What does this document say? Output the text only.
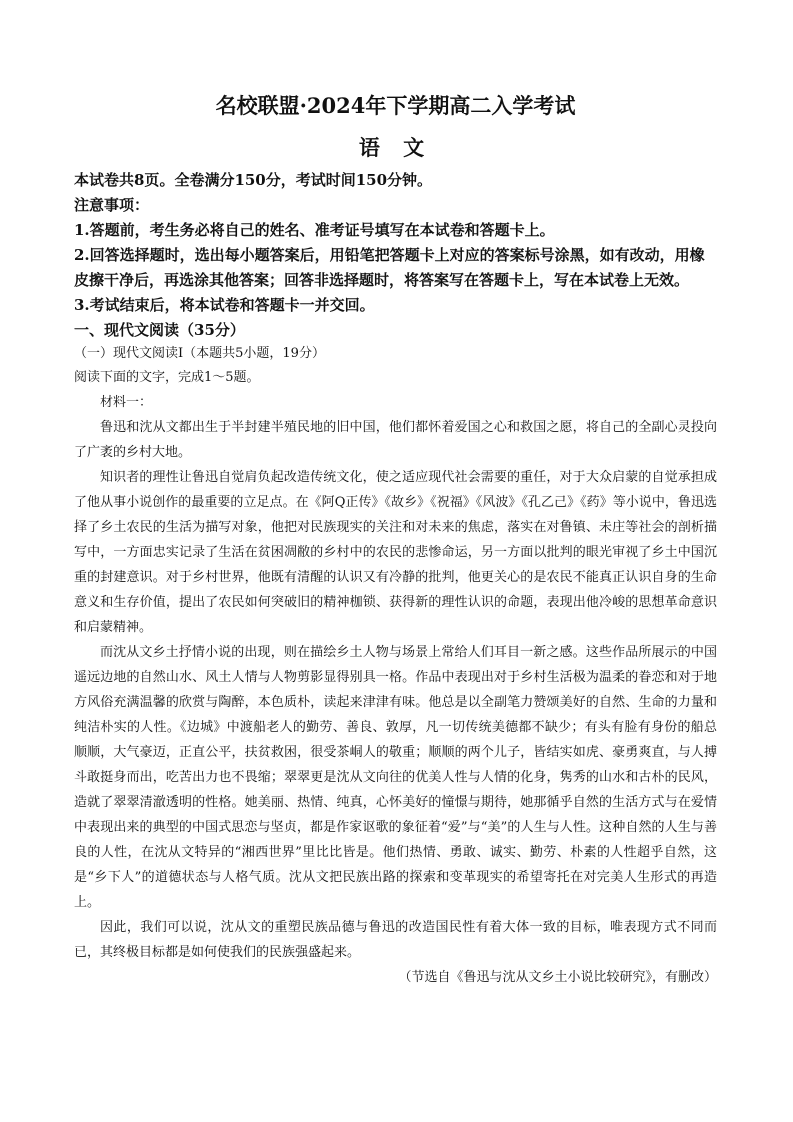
名校联盟·2024年下学期高二入学考试
语 文

本试卷共8页。全卷满分150分，考试时间150分钟。

注意事项：

1.答题前，考生务必将自己的姓名、准考证号填写在本试卷和答题卡上。

2.回答选择题时，选出每小题答案后，用铅笔把答题卡上对应的答案标号涂黑，如有改动，用橡皮擦干净后，再选涂其他答案；回答非选择题时，将答案写在答题卡上，写在本试卷上无效。

3.考试结束后，将本试卷和答题卡一并交回。

一、现代文阅读（35分）

（一）现代文阅读Ⅰ（本题共5小题，19分）

阅读下面的文字，完成1～5题。

材料一：

鲁迅和沈从文都出生于半封建半殖民地的旧中国，他们都怀着爱国之心和救国之愿，将自己的全副心灵投向了广袤的乡村大地。

知识者的理性让鲁迅自觉肩负起改造传统文化，使之适应现代社会需要的重任，对于大众启蒙的自觉承担成了他从事小说创作的最重要的立足点。在《阿Q正传》《故乡》《祝福》《风波》《孔乙己》《药》等小说中，鲁迅选择了乡土农民的生活为描写对象，他把对民族现实的关注和对未来的焦虑，落实在对鲁镇、未庄等社会的剖析描写中，一方面忠实记录了生活在贫困凋敝的乡村中的农民的悲惨命运，另一方面以批判的眼光审视了乡土中国沉重的封建意识。对于乡村世界，他既有清醒的认识又有冷静的批判，他更关心的是农民不能真正认识自身的生命意义和生存价值，提出了农民如何突破旧的精神枷锁、获得新的理性认识的命题，表现出他冷峻的思想革命意识和启蒙精神。

而沈从文乡土抒情小说的出现，则在描绘乡土人物与场景上常给人们耳目一新之感。这些作品所展示的中国遥远边地的自然山水、风土人情与人物剪影显得别具一格。作品中表现出对于乡村生活极为温柔的眷恋和对于地方风俗充满温馨的欣赏与陶醉，本色质朴，读起来津津有味。他总是以全副笔力赞颂美好的自然、生命的力量和纯洁朴实的人性。《边城》中渡船老人的勤劳、善良、敦厚，凡一切传统美德都不缺少；有头有脸有身份的船总顺顺，大气豪迈，正直公平，扶贫救困，很受茶峒人的敬重；顺顺的两个儿子，皆结实如虎、豪勇爽直，与人搏斗敢挺身而出，吃苦出力也不畏缩；翠翠更是沈从文向往的优美人性与人情的化身，隽秀的山水和古朴的民风，造就了翠翠清澈透明的性格。她美丽、热情、纯真，心怀美好的憧憬与期待，她那循乎自然的生活方式与在爱情中表现出来的典型的中国式思恋与坚贞，都是作家讴歌的象征着“爱”与“美”的人生与人性。这种自然的人生与善良的人性，在沈从文特异的“湘西世界”里比比皆是。他们热情、勇敢、诚实、勤劳、朴素的人性超乎自然，这是“乡下人”的道德状态与人格气质。沈从文把民族出路的探索和变革现实的希望寄托在对完美人生形式的再造上。

因此，我们可以说，沈从文的重塑民族品德与鲁迅的改造国民性有着大体一致的目标，唯表现方式不同而已，其终极目标都是如何使我们的民族强盛起来。

（节选自《鲁迅与沈从文乡土小说比较研究》，有删改）
